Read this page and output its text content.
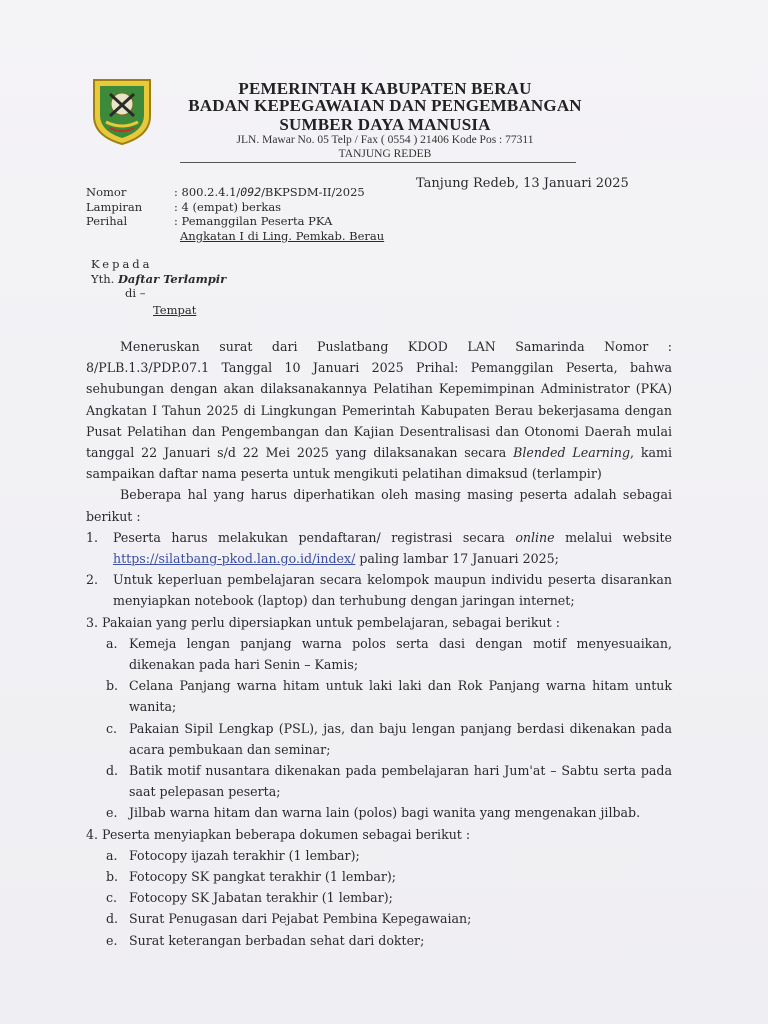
PEMERINTAH KABUPATEN BERAU
BADAN KEPEGAWAIAN DAN PENGEMBANGAN
SUMBER DAYA MANUSIA
JLN. Mawar No. 05 Telp / Fax ( 0554 ) 21406 Kode Pos : 77311
TANJUNG REDEB
Tanjung Redeb, 13 Januari 2025
Nomor	: 800.2.4.1/092/BKPSDM-II/2025
Lampiran	: 4 (empat) berkas
Perihal	: Pemanggilan Peserta PKA
Angkatan I di Ling. Pemkab. Berau
Kepada
Yth. Daftar Terlampir
di –
Tempat
Meneruskan surat dari Puslatbang KDOD LAN Samarinda Nomor : 8/PLB.1.3/PDP.07.1 Tanggal 10 Januari 2025 Prihal: Pemanggilan Peserta, bahwa sehubungan dengan akan dilaksanakannya Pelatihan Kepemimpinan Administrator (PKA) Angkatan I Tahun 2025 di Lingkungan Pemerintah Kabupaten Berau bekerjasama dengan Pusat Pelatihan dan Pengembangan dan Kajian Desentralisasi dan Otonomi Daerah mulai tanggal 22 Januari s/d 22 Mei 2025 yang dilaksanakan secara Blended Learning, kami sampaikan daftar nama peserta untuk mengikuti pelatihan dimaksud (terlampir)
Beberapa hal yang harus diperhatikan oleh masing masing peserta adalah sebagai berikut :
1. Peserta harus melakukan pendaftaran/ registrasi secara online melalui website https://silatbang-pkod.lan.go.id/index/ paling lambar 17 Januari 2025;
2. Untuk keperluan pembelajaran secara kelompok maupun individu peserta disarankan menyiapkan notebook (laptop) dan terhubung dengan jaringan internet;
3. Pakaian yang perlu dipersiapkan untuk pembelajaran, sebagai berikut :
a. Kemeja lengan panjang warna polos serta dasi dengan motif menyesuaikan, dikenakan pada hari Senin – Kamis;
b. Celana Panjang warna hitam untuk laki laki dan Rok Panjang warna hitam untuk wanita;
c. Pakaian Sipil Lengkap (PSL), jas, dan baju lengan panjang berdasi dikenakan pada acara pembukaan dan seminar;
d. Batik motif nusantara dikenakan pada pembelajaran hari Jum'at – Sabtu serta pada saat pelepasan peserta;
e. Jilbab warna hitam dan warna lain (polos) bagi wanita yang mengenakan jilbab.
4. Peserta menyiapkan beberapa dokumen sebagai berikut :
a. Fotocopy ijazah terakhir (1 lembar);
b. Fotocopy SK pangkat terakhir (1 lembar);
c. Fotocopy SK Jabatan terakhir (1 lembar);
d. Surat Penugasan dari Pejabat Pembina Kepegawaian;
e. Surat keterangan berbadan sehat dari dokter;
